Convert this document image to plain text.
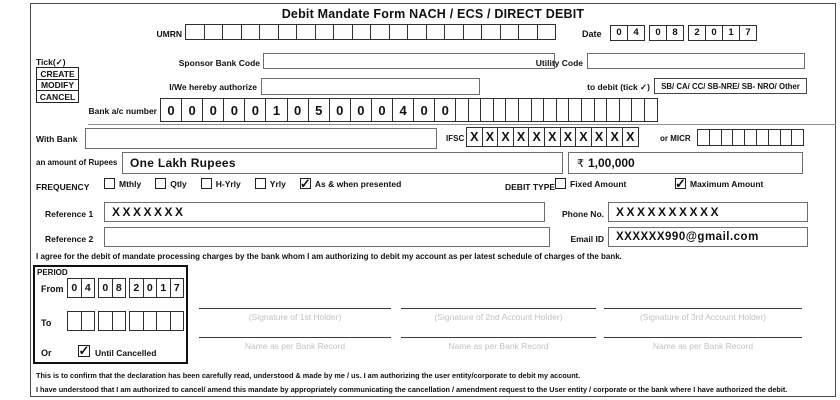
Debit Mandate Form NACH / ECS / DIRECT DEBIT
UMRN	Date	0	4	0	8	2	0	1	7
Tick(✓)
CREATE
MODIFY
CANCEL
Sponsor Bank Code	Utility Code
I/We hereby authorize	to debit (tick ✓) SB/ CA/ CC/ SB-NRE/ SB- NRO/ Other
Bank a/c number 0	0	0	0	0	1	0	5	0	0	0	4	0	0
With Bank	IFSC X X X X X X X X X X X	or MICR
an amount of Rupees	One Lakh Rupees	₹ 1,00,000
FREQUENCY	Mthly	Qtly	H-Yrly	Yrly ✓ As & when presented	DEBIT TYPE Fixed Amount	✓ Maximum Amount
Reference 1	XXXXXXX	Phone No.	XXXXXXXXXX
Reference 2	Email ID	XXXXXX990@gmail.com
I agree for the debit of mandate processing charges by the bank whom I am authorizing to debit my account as per latest schedule of charges of the bank.
PERIOD
From 0 4	0 8	2 0 1 7
To
Or ✓ Until Cancelled
(Signature of 1st Holder)
Name as per Bank Record
(Signature of 2nd Account Holder)
Name as per Bank Record
(Signature of 3rd Account Holder)
Name as per Bank Record
This is to confirm that the declaration has been carefully read, understood & made by me / us. I am authorizing the user entity/corporate to debit my account.
I have understood that I am authorized to cancel/ amend this mandate by appropriately communicating the cancellation / amendment request to the User entity / corporate or the bank where I have authorized the debit.
